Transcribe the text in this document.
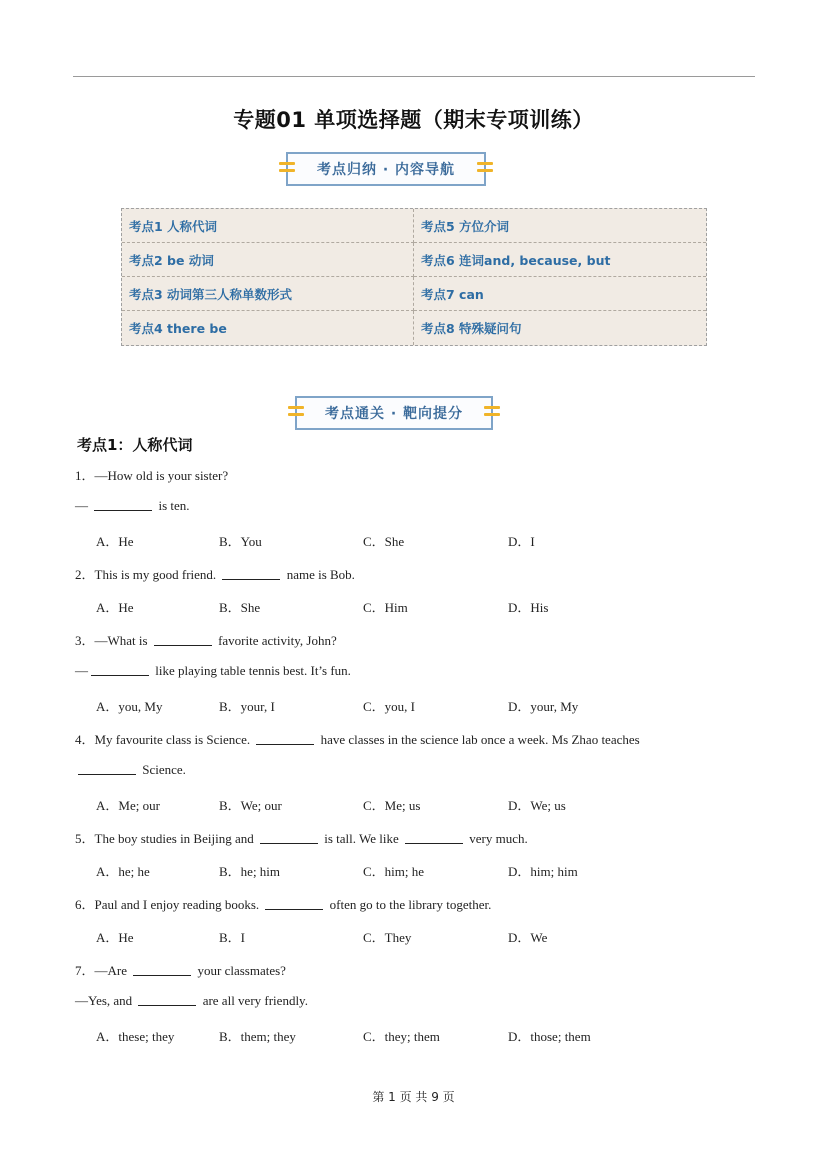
专题01 单项选择题（期末专项训练）
考点归纳 · 内容导航
考点1 人称代词	考点5 方位介词
考点2 be 动词	考点6 连词and, because, but
考点3 动词第三人称单数形式	考点7 can
考点4 there be	考点8 特殊疑问句
考点通关 · 靶向提分
考点1：人称代词
1．—How old is your sister?
—	is ten.
A．He	B．You	C．She	D．I
2．This is my good friend.	name is Bob.
A．He	B．She	C．Him	D．His
3．—What is	favorite activity, John?
—	like playing table tennis best. It’s fun.
A．you, My	B．your, I	C．you, I	D．your, My
4．My favourite class is Science.	have classes in the science lab once a week. Ms Zhao teaches
Science.
A．Me; our	B．We; our	C．Me; us	D．We; us
5．The boy studies in Beijing and	is tall. We like	very much.
A．he; he	B．he; him	C．him; he	D．him; him
6．Paul and I enjoy reading books.	often go to the library together.
A．He	B．I	C．They	D．We
7．—Are	your classmates?
—Yes, and	are all very friendly.
A．these; they	B．them; they	C．they; them	D．those; them
第 1 页 共 9 页
